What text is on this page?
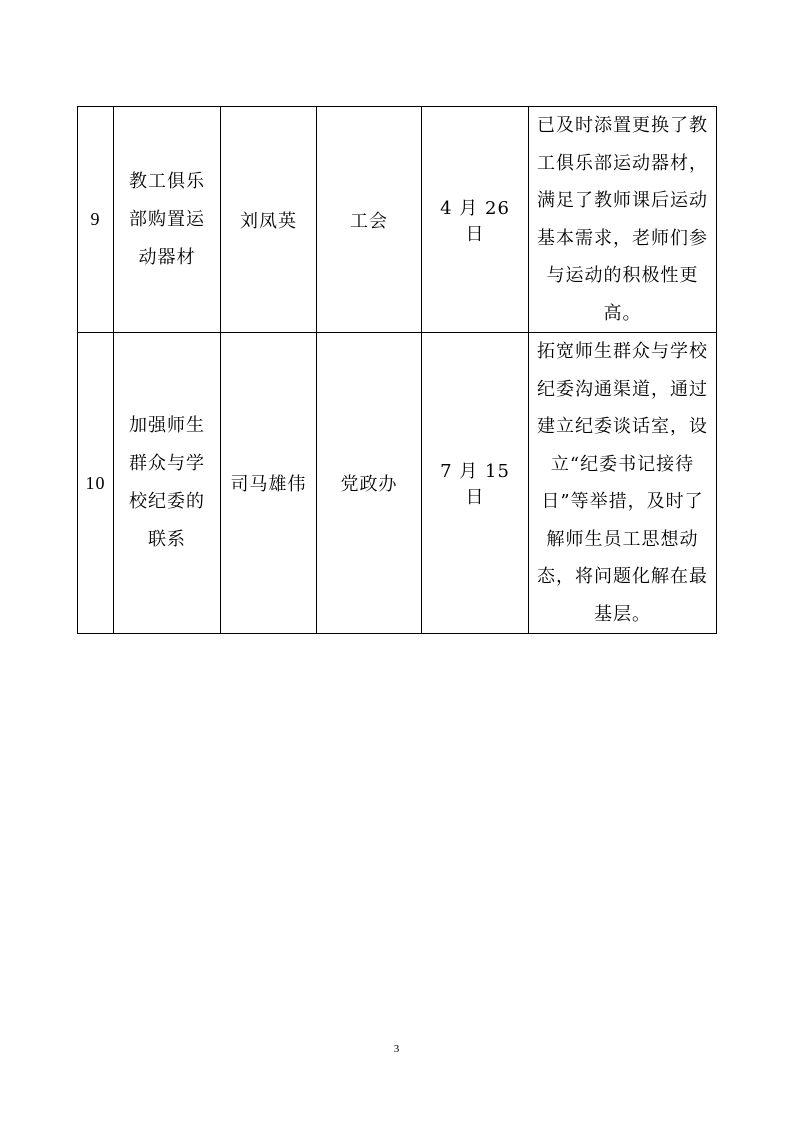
9	教工俱乐部购置运动器材	刘凤英	工会	4 月 26 日	已及时添置更换了教工俱乐部运动器材，满足了教师课后运动基本需求，老师们参与运动的积极性更高。
10	加强师生群众与学校纪委的联系	司马雄伟	党政办	7 月 15 日	拓宽师生群众与学校纪委沟通渠道，通过建立纪委谈话室，设立“纪委书记接待日”等举措，及时了解师生员工思想动态，将问题化解在最基层。
3
